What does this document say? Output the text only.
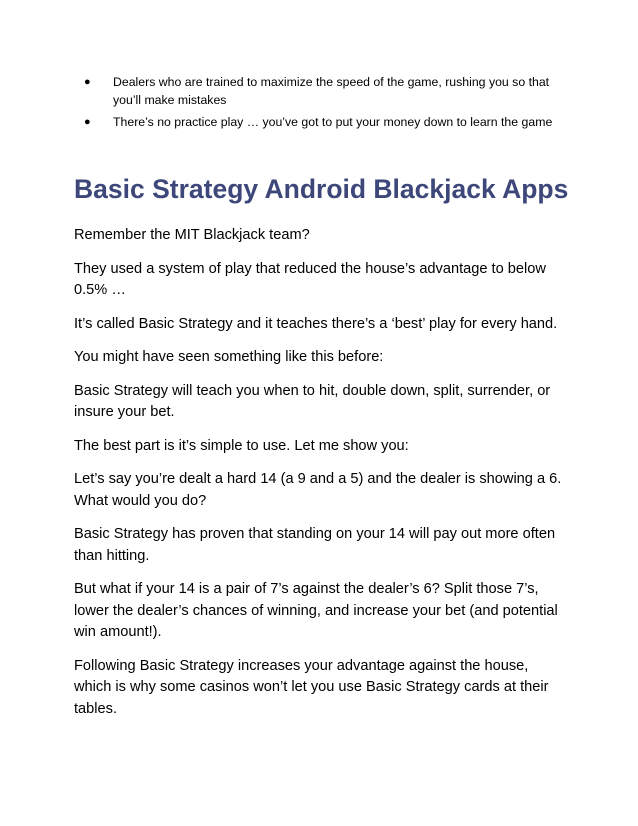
● Dealers who are trained to maximize the speed of the game, rushing you so that you’ll make mistakes
● There’s no practice play … you’ve got to put your money down to learn the game
Basic Strategy Android Blackjack Apps

Remember the MIT Blackjack team?

They used a system of play that reduced the house’s advantage to below 0.5% …

It’s called Basic Strategy and it teaches there’s a ‘best’ play for every hand.

You might have seen something like this before:

Basic Strategy will teach you when to hit, double down, split, surrender, or insure your bet.

The best part is it’s simple to use. Let me show you:

Let’s say you’re dealt a hard 14 (a 9 and a 5) and the dealer is showing a 6. What would you do?

Basic Strategy has proven that standing on your 14 will pay out more often than hitting.

But what if your 14 is a pair of 7’s against the dealer’s 6? Split those 7’s, lower the dealer’s chances of winning, and increase your bet (and potential win amount!).

Following Basic Strategy increases your advantage against the house, which is why some casinos won’t let you use Basic Strategy cards at their tables.
